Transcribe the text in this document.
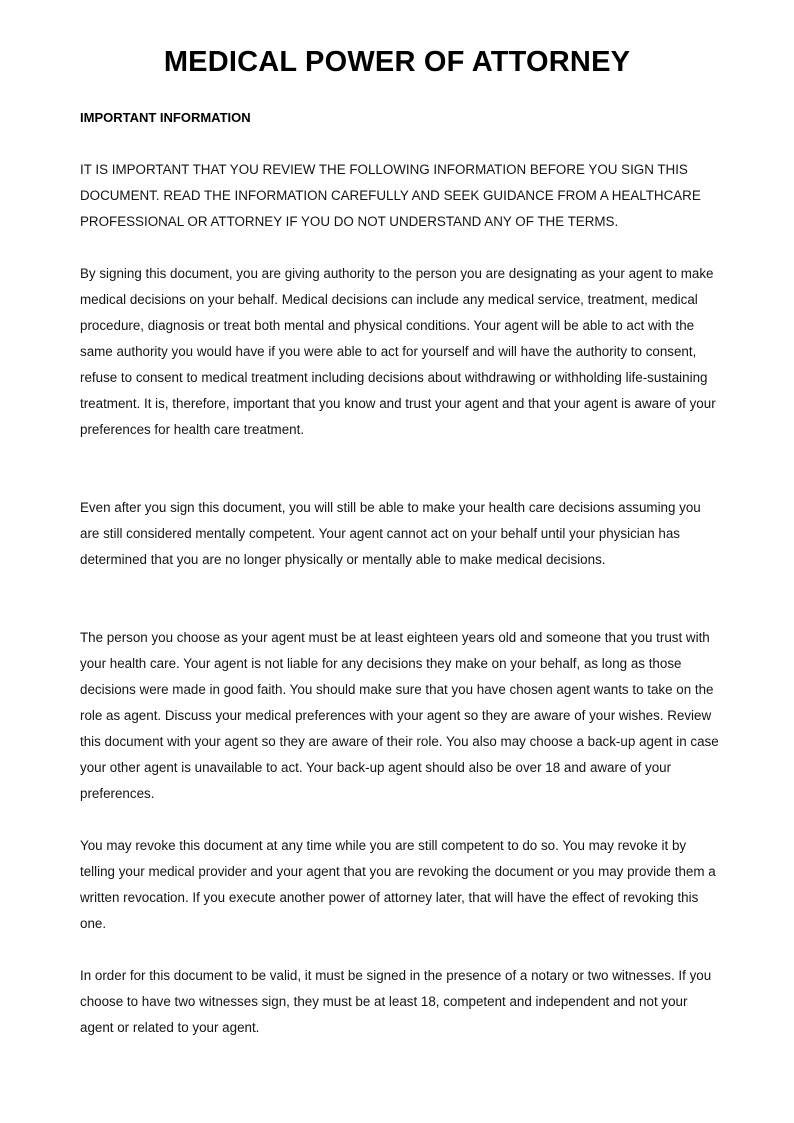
MEDICAL POWER OF ATTORNEY
IMPORTANT INFORMATION

IT IS IMPORTANT THAT YOU REVIEW THE FOLLOWING INFORMATION BEFORE YOU SIGN THIS DOCUMENT. READ THE INFORMATION CAREFULLY AND SEEK GUIDANCE FROM A HEALTHCARE PROFESSIONAL OR ATTORNEY IF YOU DO NOT UNDERSTAND ANY OF THE TERMS.

By signing this document, you are giving authority to the person you are designating as your agent to make medical decisions on your behalf. Medical decisions can include any medical service, treatment, medical procedure, diagnosis or treat both mental and physical conditions. Your agent will be able to act with the same authority you would have if you were able to act for yourself and will have the authority to consent, refuse to consent to medical treatment including decisions about withdrawing or withholding life-sustaining treatment. It is, therefore, important that you know and trust your agent and that your agent is aware of your preferences for health care treatment.

Even after you sign this document, you will still be able to make your health care decisions assuming you are still considered mentally competent. Your agent cannot act on your behalf until your physician has determined that you are no longer physically or mentally able to make medical decisions.

The person you choose as your agent must be at least eighteen years old and someone that you trust with your health care. Your agent is not liable for any decisions they make on your behalf, as long as those decisions were made in good faith. You should make sure that you have chosen agent wants to take on the role as agent. Discuss your medical preferences with your agent so they are aware of your wishes. Review this document with your agent so they are aware of their role. You also may choose a back-up agent in case your other agent is unavailable to act. Your back-up agent should also be over 18 and aware of your preferences.

You may revoke this document at any time while you are still competent to do so. You may revoke it by telling your medical provider and your agent that you are revoking the document or you may provide them a written revocation. If you execute another power of attorney later, that will have the effect of revoking this one.

In order for this document to be valid, it must be signed in the presence of a notary or two witnesses. If you choose to have two witnesses sign, they must be at least 18, competent and independent and not your agent or related to your agent.
